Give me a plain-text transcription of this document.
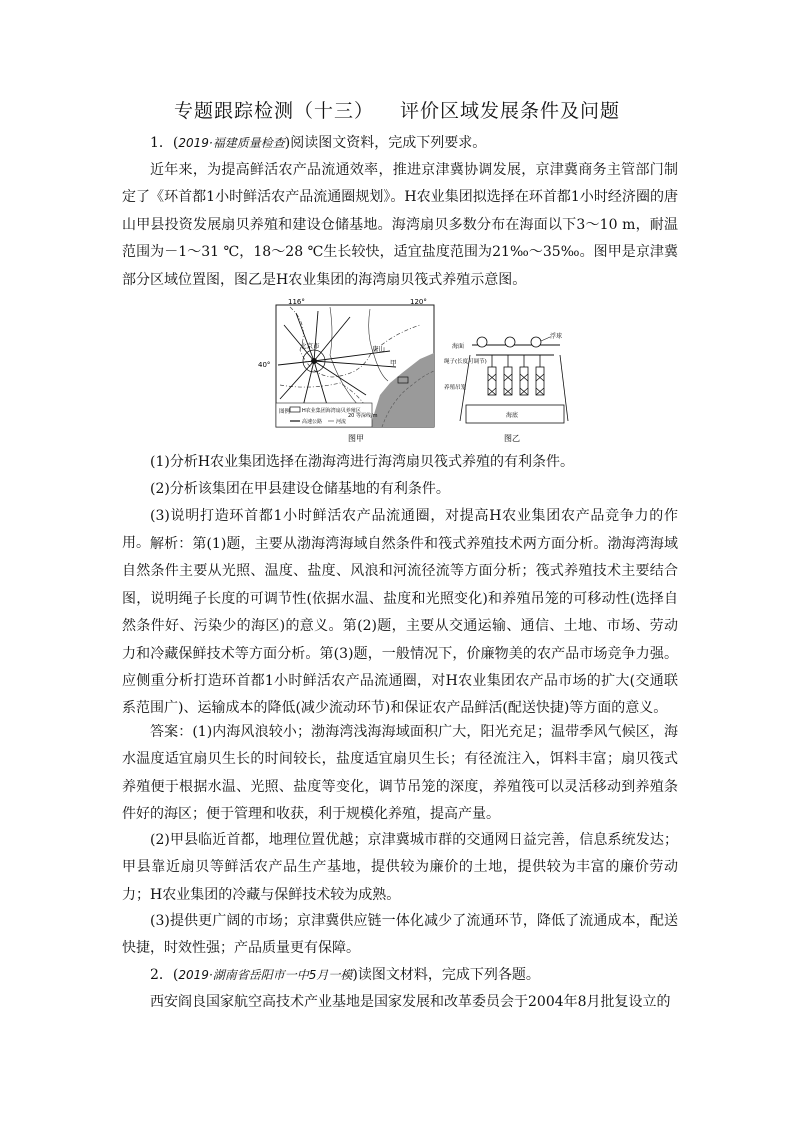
专题跟踪检测（十三） 评价区域发展条件及问题
1．(2019·福建质量检查)阅读图文资料，完成下列要求。
近年来，为提高鲜活农产品流通效率，推进京津冀协调发展，京津冀商务主管部门制定了《环首都1小时鲜活农产品流通圈规划》。H农业集团拟选择在环首都1小时经济圈的唐山甲县投资发展扇贝养殖和建设仓储基地。海湾扇贝多数分布在海面以下3～10 m，耐温范围为－1～31 ℃，18～28 ℃生长较快，适宜盐度范围为21‰～35‰。图甲是京津冀部分区域位置图，图乙是H农业集团的海湾扇贝筏式养殖示意图。
116°	120°
40°
北京市	唐山
甲
图例 H农业集团海湾扇贝养殖区
高速公路	河流
20 等深线/m
图甲
海面
浮球
绳子(长度可调节)
养殖吊笼
海底
图乙
(1)分析H农业集团选择在渤海湾进行海湾扇贝筏式养殖的有利条件。
(2)分析该集团在甲县建设仓储基地的有利条件。
(3)说明打造环首都1小时鲜活农产品流通圈，对提高H农业集团农产品竞争力的作用。 解析：第(1)题，主要从渤海湾海域自然条件和筏式养殖技术两方面分析。渤海湾海域自然条件主要从光照、温度、盐度、风浪和河流径流等方面分析；筏式养殖技术主要结合图，说明绳子长度的可调节性(依据水温、盐度和光照变化)和养殖吊笼的可移动性(选择自然条件好、污染少的海区)的意义。第(2)题，主要从交通运输、通信、土地、市场、劳动力和冷藏保鲜技术等方面分析。第(3)题，一般情况下，价廉物美的农产品市场竞争力强。应侧重分析打造环首都1小时鲜活农产品流通圈，对H农业集团农产品市场的扩大(交通联系范围广)、运输成本的降低(减少流动环节)和保证农产品鲜活(配送快捷)等方面的意义。
答案：(1)内海风浪较小；渤海湾浅海海域面积广大，阳光充足；温带季风气候区，海水温度适宜扇贝生长的时间较长，盐度适宜扇贝生长；有径流注入，饵料丰富；扇贝筏式养殖便于根据水温、光照、盐度等变化，调节吊笼的深度，养殖筏可以灵活移动到养殖条件好的海区；便于管理和收获，利于规模化养殖，提高产量。
(2)甲县临近首都，地理位置优越；京津冀城市群的交通网日益完善，信息系统发达；甲县靠近扇贝等鲜活农产品生产基地，提供较为廉价的土地，提供较为丰富的廉价劳动力；H农业集团的冷藏与保鲜技术较为成熟。
(3)提供更广阔的市场；京津冀供应链一体化减少了流通环节，降低了流通成本，配送快捷，时效性强；产品质量更有保障。
2．(2019·湖南省岳阳市一中5月一模)读图文材料，完成下列各题。
西安阎良国家航空高技术产业基地是国家发展和改革委员会于2004年8月批复设立的
